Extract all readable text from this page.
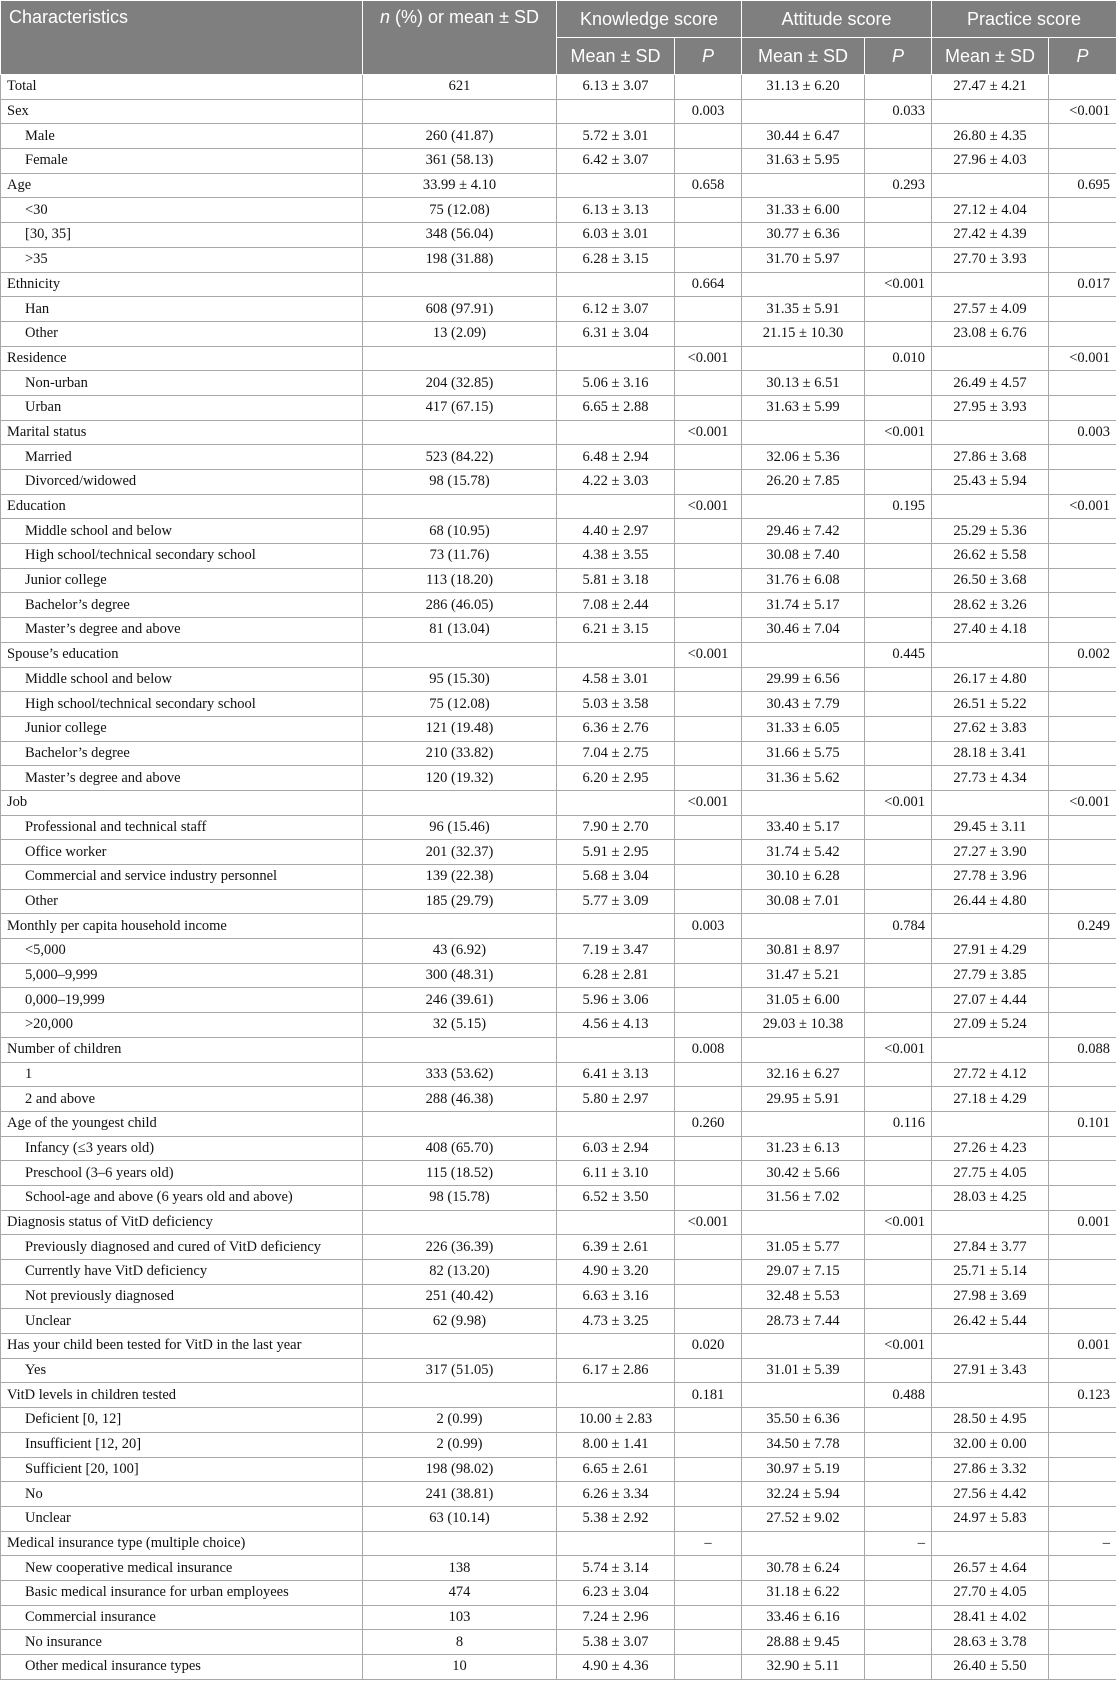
Characteristics	n (%) or mean ± SD	Knowledge score		Attitude score		Practice score	
		Mean ± SD	P	Mean ± SD	P	Mean ± SD	P
Total	621	6.13 ± 3.07		31.13 ± 6.20		27.47 ± 4.21	
Sex			0.003		0.033		<0.001
Male	260 (41.87)	5.72 ± 3.01		30.44 ± 6.47		26.80 ± 4.35	
Female	361 (58.13)	6.42 ± 3.07		31.63 ± 5.95		27.96 ± 4.03	
Age	33.99 ± 4.10		0.658		0.293		0.695
<30	75 (12.08)	6.13 ± 3.13		31.33 ± 6.00		27.12 ± 4.04	
[30, 35]	348 (56.04)	6.03 ± 3.01		30.77 ± 6.36		27.42 ± 4.39	
>35	198 (31.88)	6.28 ± 3.15		31.70 ± 5.97		27.70 ± 3.93	
Ethnicity			0.664		<0.001		0.017
Han	608 (97.91)	6.12 ± 3.07		31.35 ± 5.91		27.57 ± 4.09	
Other	13 (2.09)	6.31 ± 3.04		21.15 ± 10.30		23.08 ± 6.76	
Residence			<0.001		0.010		<0.001
Non-urban	204 (32.85)	5.06 ± 3.16		30.13 ± 6.51		26.49 ± 4.57	
Urban	417 (67.15)	6.65 ± 2.88		31.63 ± 5.99		27.95 ± 3.93	
Marital status			<0.001		<0.001		0.003
Married	523 (84.22)	6.48 ± 2.94		32.06 ± 5.36		27.86 ± 3.68	
Divorced/widowed	98 (15.78)	4.22 ± 3.03		26.20 ± 7.85		25.43 ± 5.94	
Education			<0.001		0.195		<0.001
Middle school and below	68 (10.95)	4.40 ± 2.97		29.46 ± 7.42		25.29 ± 5.36	
High school/technical secondary school	73 (11.76)	4.38 ± 3.55		30.08 ± 7.40		26.62 ± 5.58	
Junior college	113 (18.20)	5.81 ± 3.18		31.76 ± 6.08		26.50 ± 3.68	
Bachelor’s degree	286 (46.05)	7.08 ± 2.44		31.74 ± 5.17		28.62 ± 3.26	
Master’s degree and above	81 (13.04)	6.21 ± 3.15		30.46 ± 7.04		27.40 ± 4.18	
Spouse’s education			<0.001		0.445		0.002
Middle school and below	95 (15.30)	4.58 ± 3.01		29.99 ± 6.56		26.17 ± 4.80	
High school/technical secondary school	75 (12.08)	5.03 ± 3.58		30.43 ± 7.79		26.51 ± 5.22	
Junior college	121 (19.48)	6.36 ± 2.76		31.33 ± 6.05		27.62 ± 3.83	
Bachelor’s degree	210 (33.82)	7.04 ± 2.75		31.66 ± 5.75		28.18 ± 3.41	
Master’s degree and above	120 (19.32)	6.20 ± 2.95		31.36 ± 5.62		27.73 ± 4.34	
Job			<0.001		<0.001		<0.001
Professional and technical staff	96 (15.46)	7.90 ± 2.70		33.40 ± 5.17		29.45 ± 3.11	
Office worker	201 (32.37)	5.91 ± 2.95		31.74 ± 5.42		27.27 ± 3.90	
Commercial and service industry personnel	139 (22.38)	5.68 ± 3.04		30.10 ± 6.28		27.78 ± 3.96	
Other	185 (29.79)	5.77 ± 3.09		30.08 ± 7.01		26.44 ± 4.80	
Monthly per capita household income			0.003		0.784		0.249
<5,000	43 (6.92)	7.19 ± 3.47		30.81 ± 8.97		27.91 ± 4.29	
5,000–9,999	300 (48.31)	6.28 ± 2.81		31.47 ± 5.21		27.79 ± 3.85	
0,000–19,999	246 (39.61)	5.96 ± 3.06		31.05 ± 6.00		27.07 ± 4.44	
>20,000	32 (5.15)	4.56 ± 4.13		29.03 ± 10.38		27.09 ± 5.24	
Number of children			0.008		<0.001		0.088
1	333 (53.62)	6.41 ± 3.13		32.16 ± 6.27		27.72 ± 4.12	
2 and above	288 (46.38)	5.80 ± 2.97		29.95 ± 5.91		27.18 ± 4.29	
Age of the youngest child			0.260		0.116		0.101
Infancy (≤3 years old)	408 (65.70)	6.03 ± 2.94		31.23 ± 6.13		27.26 ± 4.23	
Preschool (3–6 years old)	115 (18.52)	6.11 ± 3.10		30.42 ± 5.66		27.75 ± 4.05	
School-age and above (6 years old and above)	98 (15.78)	6.52 ± 3.50		31.56 ± 7.02		28.03 ± 4.25	
Diagnosis status of VitD deficiency			<0.001		<0.001		0.001
Previously diagnosed and cured of VitD deficiency	226 (36.39)	6.39 ± 2.61		31.05 ± 5.77		27.84 ± 3.77	
Currently have VitD deficiency	82 (13.20)	4.90 ± 3.20		29.07 ± 7.15		25.71 ± 5.14	
Not previously diagnosed	251 (40.42)	6.63 ± 3.16		32.48 ± 5.53		27.98 ± 3.69	
Unclear	62 (9.98)	4.73 ± 3.25		28.73 ± 7.44		26.42 ± 5.44	
Has your child been tested for VitD in the last year			0.020		<0.001		0.001
Yes	317 (51.05)	6.17 ± 2.86		31.01 ± 5.39		27.91 ± 3.43	
VitD levels in children tested			0.181		0.488		0.123
Deficient [0, 12]	2 (0.99)	10.00 ± 2.83		35.50 ± 6.36		28.50 ± 4.95	
Insufficient [12, 20]	2 (0.99)	8.00 ± 1.41		34.50 ± 7.78		32.00 ± 0.00	
Sufficient [20, 100]	198 (98.02)	6.65 ± 2.61		30.97 ± 5.19		27.86 ± 3.32	
No	241 (38.81)	6.26 ± 3.34		32.24 ± 5.94		27.56 ± 4.42	
Unclear	63 (10.14)	5.38 ± 2.92		27.52 ± 9.02		24.97 ± 5.83	
Medical insurance type (multiple choice)			–		–		–
New cooperative medical insurance	138	5.74 ± 3.14		30.78 ± 6.24		26.57 ± 4.64	
Basic medical insurance for urban employees	474	6.23 ± 3.04		31.18 ± 6.22		27.70 ± 4.05	
Commercial insurance	103	7.24 ± 2.96		33.46 ± 6.16		28.41 ± 4.02	
No insurance	8	5.38 ± 3.07		28.88 ± 9.45		28.63 ± 3.78	
Other medical insurance types	10	4.90 ± 4.36		32.90 ± 5.11		26.40 ± 5.50	
